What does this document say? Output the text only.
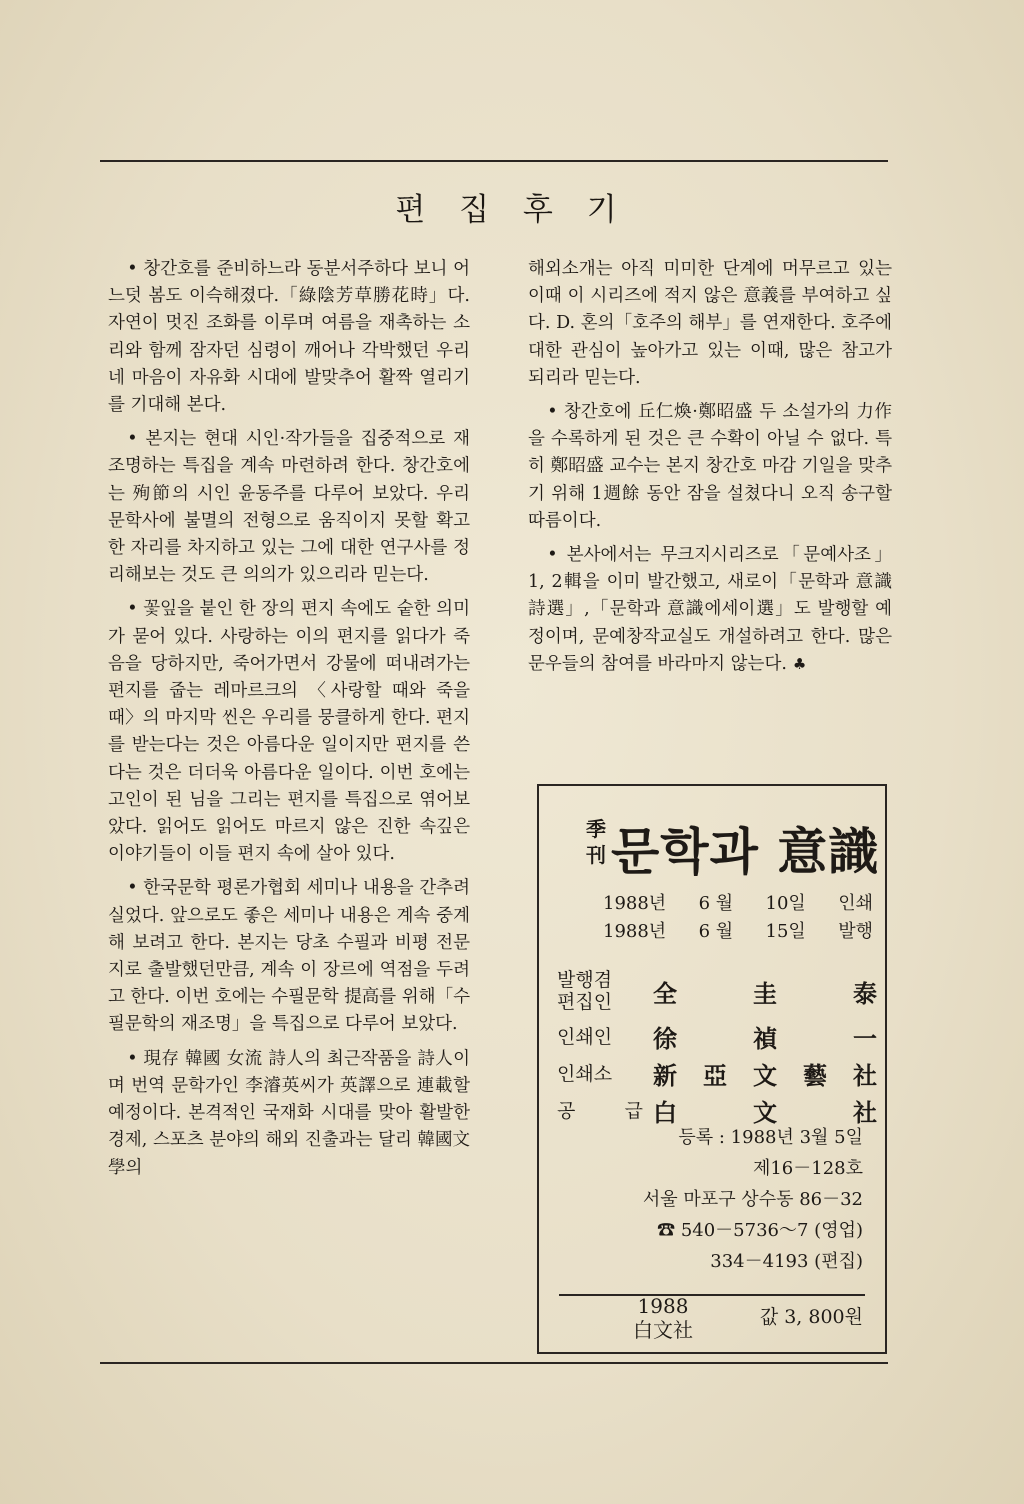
편 집 후 기

• 창간호를 준비하느라 동분서주하다 보니 어느덧 봄도 이슥해졌다.「綠陰芳草勝花時」다. 자연이 멋진 조화를 이루며 여름을 재촉하는 소리와 함께 잠자던 심령이 깨어나 각박했던 우리네 마음이 자유화 시대에 발맞추어 활짝 열리기를 기대해 본다.

• 본지는 현대 시인·작가들을 집중적으로 재조명하는 특집을 계속 마련하려 한다. 창간호에는 殉節의 시인 윤동주를 다루어 보았다. 우리 문학사에 불멸의 전형으로 움직이지 못할 확고한 자리를 차지하고 있는 그에 대한 연구사를 정리해보는 것도 큰 의의가 있으리라 믿는다.

• 꽃잎을 붙인 한 장의 편지 속에도 숱한 의미가 묻어 있다. 사랑하는 이의 편지를 읽다가 죽음을 당하지만, 죽어가면서 강물에 떠내려가는 편지를 줍는 레마르크의 〈사랑할 때와 죽을 때〉의 마지막 씬은 우리를 뭉클하게 한다. 편지를 받는다는 것은 아름다운 일이지만 편지를 쓴다는 것은 더더욱 아름다운 일이다. 이번 호에는 고인이 된 님을 그리는 편지를 특집으로 엮어보았다. 읽어도 읽어도 마르지 않은 진한 속깊은 이야기들이 이들 편지 속에 살아 있다.

• 한국문학 평론가협회 세미나 내용을 간추려 실었다. 앞으로도 좋은 세미나 내용은 계속 중계해 보려고 한다. 본지는 당초 수필과 비평 전문지로 출발했던만큼, 계속 이 장르에 역점을 두려고 한다. 이번 호에는 수필문학 提高를 위해「수필문학의 재조명」을 특집으로 다루어 보았다.

• 現存 韓國 女流 詩人의 최근작품을 詩人이며 번역 문학가인 李濬英씨가 英譯으로 連載할 예정이다. 본격적인 국재화 시대를 맞아 활발한 경제, 스포츠 분야의 해외 진출과는 달리 韓國文學의

해외소개는 아직 미미한 단계에 머무르고 있는 이때 이 시리즈에 적지 않은 意義를 부여하고 싶다. D. 혼의「호주의 해부」를 연재한다. 호주에 대한 관심이 높아가고 있는 이때, 많은 참고가 되리라 믿는다.

• 창간호에 丘仁煥·鄭昭盛 두 소설가의 力作을 수록하게 된 것은 큰 수확이 아닐 수 없다. 특히 鄭昭盛 교수는 본지 창간호 마감 기일을 맞추기 위해 1週餘 동안 잠을 설쳤다니 오직 송구할 따름이다.

• 본사에서는 무크지시리즈로「문예사조」 1, 2輯을 이미 발간했고, 새로이「문학과 意識詩選」,「문학과 意識에세이選」도 발행할 예정이며, 문예창작교실도 개설하려고 한다. 많은 문우들의 참여를 바라마지 않는다. ♣

季
刊 문학과 意識
1988년 6 월 10일 인쇄
1988년 6 월 15일 발행
발행겸
편집인	全	圭	泰
인쇄인	徐	禎	一
인쇄소	新 亞 文 藝 社
공 급 白	文	社
등록 : 1988년 3월 5일
제16－128호
서울 마포구 상수동 86－32
☎ 540－5736～7 (영업)
334－4193 (편집)
1988
白文社
값 3, 800원
